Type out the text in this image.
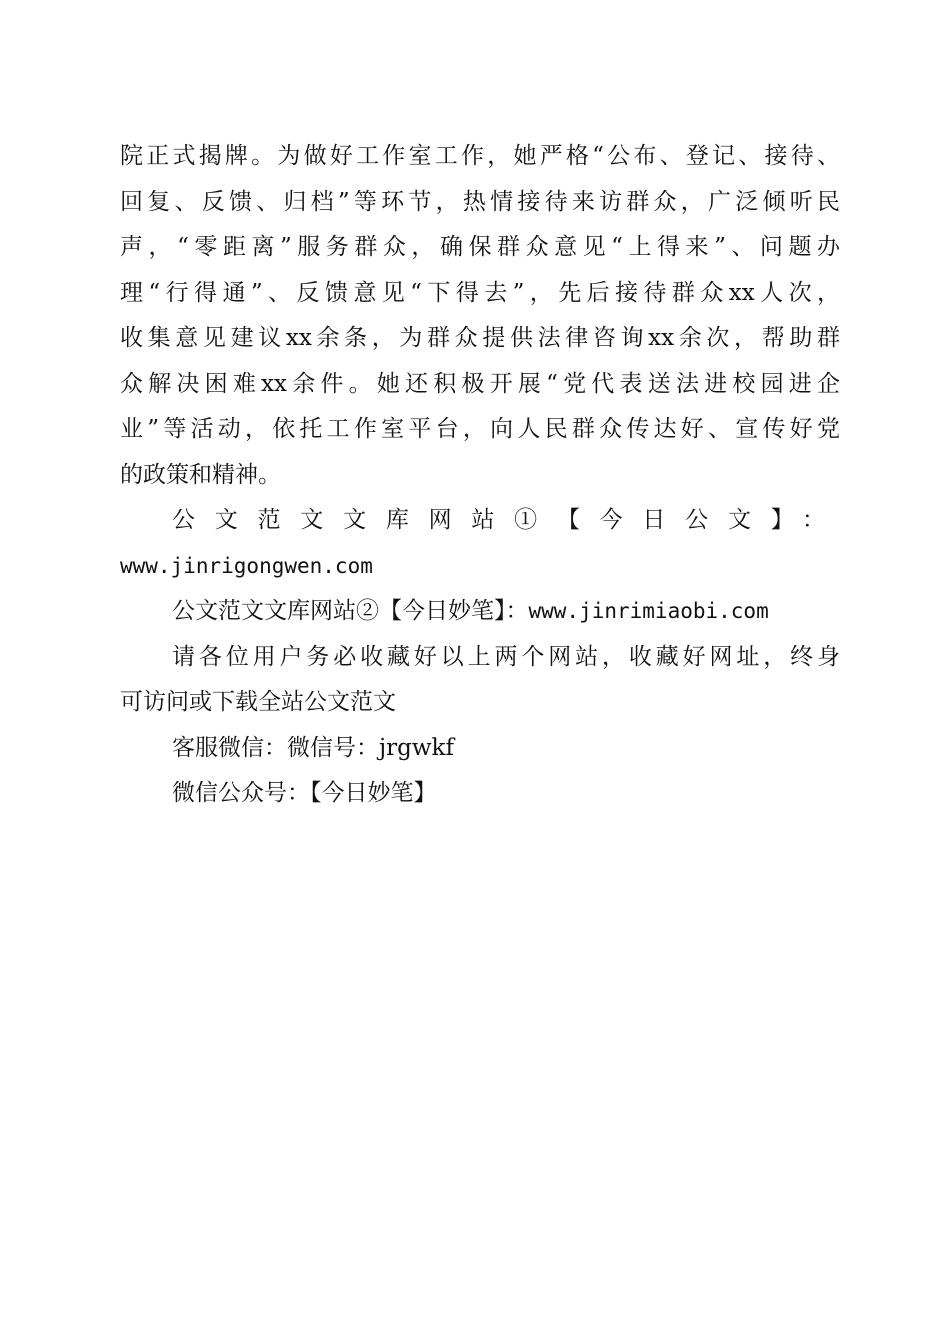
院正式揭牌。为做好工作室工作，她严格“公布、登记、接待、
回复、反馈、归档”等环节，热情接待来访群众，广泛倾听民
声，“零距离”服务群众，确保群众意见“上得来”、问题办
理“行得通”、反馈意见“下得去”，先后接待群众xx人次，
收集意见建议xx余条，为群众提供法律咨询xx余次，帮助群
众解决困难xx余件。她还积极开展“党代表送法进校园进企
业”等活动，依托工作室平台，向人民群众传达好、宣传好党
的政策和精神。
公文范文文库网站①【今日公文】：
www.jinrigongwen.com
公文范文文库网站②【今日妙笔】：www.jinrimiaobi.com
请各位用户务必收藏好以上两个网站，收藏好网址，终身
可访问或下载全站公文范文
客服微信：微信号：jrgwkf
微信公众号：【今日妙笔】
